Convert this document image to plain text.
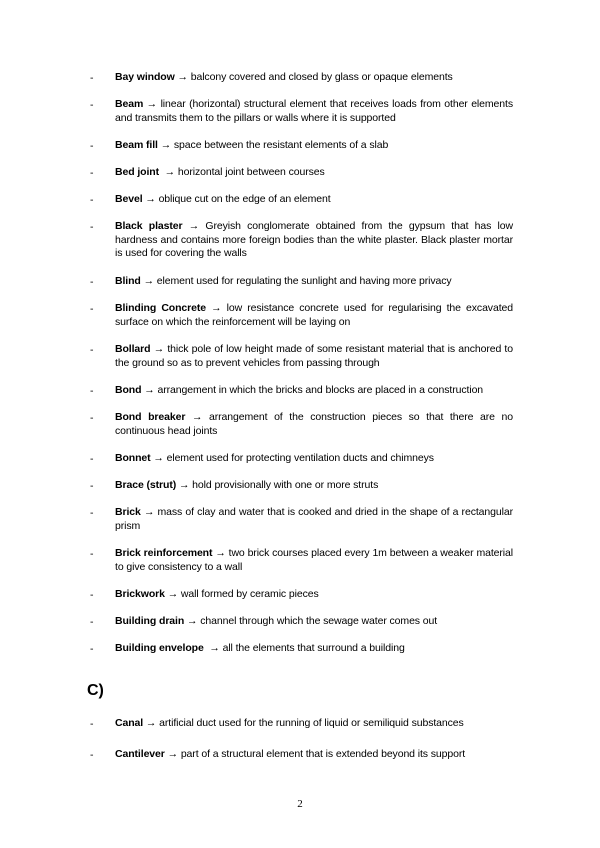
- Bay window → balcony covered and closed by glass or opaque elements
- Beam → linear (horizontal) structural element that receives loads from other elements and transmits them to the pillars or walls where it is supported
- Beam fill → space between the resistant elements of a slab
- Bed joint  → horizontal joint between courses
- Bevel → oblique cut on the edge of an element
- Black plaster → Greyish conglomerate obtained from the gypsum that has low hardness and contains more foreign bodies than the white plaster. Black plaster mortar is used for covering the walls
- Blind → element used for regulating the sunlight and having more privacy
- Blinding Concrete → low resistance concrete used for regularising the excavated surface on which the reinforcement will be laying on
- Bollard → thick pole of low height made of some resistant material that is anchored to the ground so as to prevent vehicles from passing through
- Bond → arrangement in which the bricks and blocks are placed in a construction
- Bond breaker → arrangement of the construction pieces so that there are no continuous head joints
- Bonnet → element used for protecting ventilation ducts and chimneys
- Brace (strut) → hold provisionally with one or more struts
- Brick → mass of clay and water that is cooked and dried in the shape of a rectangular prism
- Brick reinforcement → two brick courses placed every 1m between a weaker material to give consistency to a wall
- Brickwork → wall formed by ceramic pieces
- Building drain → channel through which the sewage water comes out
- Building envelope  → all the elements that surround a building
C)
- Canal → artificial duct used for the running of liquid or semiliquid substances
- Cantilever → part of a structural element that is extended beyond its support
2
